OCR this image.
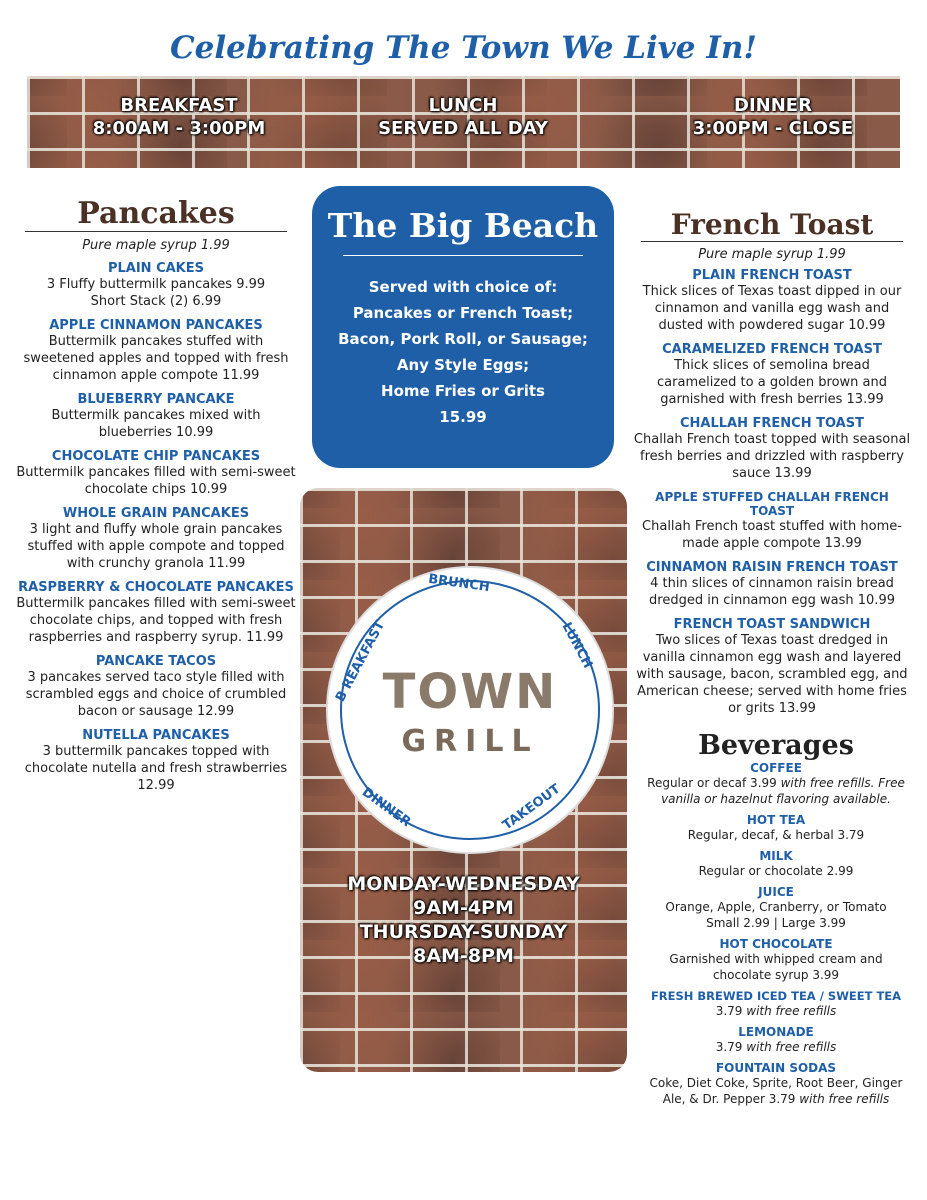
Celebrating The Town We Live In!
BREAKFAST
8:00AM - 3:00PM
LUNCH
SERVED ALL DAY
DINNER
3:00PM - CLOSE
Pancakes
Pure maple syrup 1.99
PLAIN CAKES
3 Fluffy buttermilk pancakes 9.99
Short Stack (2) 6.99
APPLE CINNAMON PANCAKES
Buttermilk pancakes stuffed with sweetened apples and topped with fresh cinnamon apple compote 11.99
BLUEBERRY PANCAKE
Buttermilk pancakes mixed with blueberries 10.99
CHOCOLATE CHIP PANCAKES
Buttermilk pancakes filled with semi-sweet chocolate chips 10.99
WHOLE GRAIN PANCAKES
3 light and fluffy whole grain pancakes stuffed with apple compote and topped with crunchy granola 11.99
RASPBERRY & CHOCOLATE PANCAKES
Buttermilk pancakes filled with semi-sweet chocolate chips, and topped with fresh raspberries and raspberry syrup. 11.99
PANCAKE TACOS
3 pancakes served taco style filled with scrambled eggs and choice of crumbled bacon or sausage 12.99
NUTELLA PANCAKES
3 buttermilk pancakes topped with chocolate nutella and fresh strawberries 12.99
The Big Beach
Served with choice of:
Pancakes or French Toast;
Bacon, Pork Roll, or Sausage;
Any Style Eggs;
Home Fries or Grits
15.99
BRUNCH
B REAKFAST	LUNCH
DINNER	TAKEOUT
TOWN
GRILL
MONDAY-WEDNESDAY
9AM-4PM
THURSDAY-SUNDAY
8AM-8PM
French Toast
Pure maple syrup 1.99
PLAIN FRENCH TOAST
Thick slices of Texas toast dipped in our cinnamon and vanilla egg wash and dusted with powdered sugar 10.99
CARAMELIZED FRENCH TOAST
Thick slices of semolina bread caramelized to a golden brown and garnished with fresh berries 13.99
CHALLAH FRENCH TOAST
Challah French toast topped with seasonal fresh berries and drizzled with raspberry sauce 13.99
APPLE STUFFED CHALLAH FRENCH TOAST
Challah French toast stuffed with home-made apple compote 13.99
CINNAMON RAISIN FRENCH TOAST
4 thin slices of cinnamon raisin bread dredged in cinnamon egg wash 10.99
FRENCH TOAST SANDWICH
Two slices of Texas toast dredged in vanilla cinnamon egg wash and layered with sausage, bacon, scrambled egg, and American cheese; served with home fries or grits 13.99
Beverages
COFFEE
Regular or decaf 3.99 with free refills. Free vanilla or hazelnut flavoring available.
HOT TEA
Regular, decaf, & herbal 3.79
MILK
Regular or chocolate 2.99
JUICE
Orange, Apple, Cranberry, or Tomato
Small 2.99 | Large 3.99
HOT CHOCOLATE
Garnished with whipped cream and chocolate syrup 3.99
FRESH BREWED ICED TEA / SWEET TEA
3.79 with free refills
LEMONADE
3.79 with free refills
FOUNTAIN SODAS
Coke, Diet Coke, Sprite, Root Beer, Ginger Ale, & Dr. Pepper 3.79 with free refills
